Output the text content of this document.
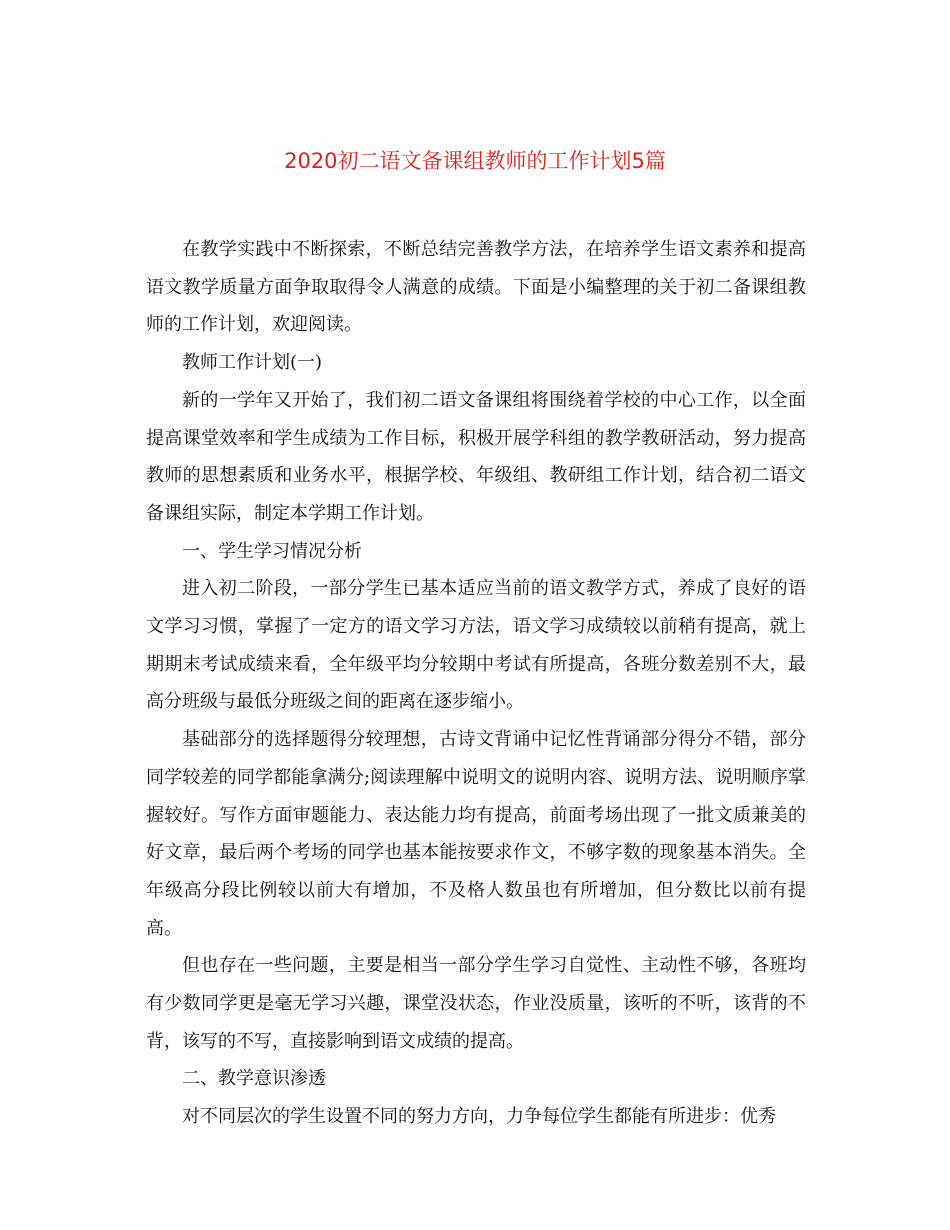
2020初二语文备课组教师的工作计划5篇

在教学实践中不断探索，不断总结完善教学方法，在培养学生语文素养和提高语文教学质量方面争取取得令人满意的成绩。下面是小编整理的关于初二备课组教师的工作计划，欢迎阅读。

教师工作计划(一)

新的一学年又开始了，我们初二语文备课组将围绕着学校的中心工作，以全面提高课堂效率和学生成绩为工作目标，积极开展学科组的教学教研活动，努力提高教师的思想素质和业务水平，根据学校、年级组、教研组工作计划，结合初二语文备课组实际，制定本学期工作计划。

一、学生学习情况分析

进入初二阶段，一部分学生已基本适应当前的语文教学方式，养成了良好的语文学习习惯，掌握了一定方的语文学习方法，语文学习成绩较以前稍有提高，就上期期末考试成绩来看，全年级平均分较期中考试有所提高，各班分数差别不大，最高分班级与最低分班级之间的距离在逐步缩小。

基础部分的选择题得分较理想，古诗文背诵中记忆性背诵部分得分不错，部分同学较差的同学都能拿满分;阅读理解中说明文的说明内容、说明方法、说明顺序掌握较好。写作方面审题能力、表达能力均有提高，前面考场出现了一批文质兼美的好文章，最后两个考场的同学也基本能按要求作文，不够字数的现象基本消失。全年级高分段比例较以前大有增加，不及格人数虽也有所增加，但分数比以前有提高。

但也存在一些问题，主要是相当一部分学生学习自觉性、主动性不够，各班均有少数同学更是毫无学习兴趣，课堂没状态，作业没质量，该听的不听，该背的不背，该写的不写，直接影响到语文成绩的提高。

二、教学意识渗透

对不同层次的学生设置不同的努力方向，力争每位学生都能有所进步：优秀
